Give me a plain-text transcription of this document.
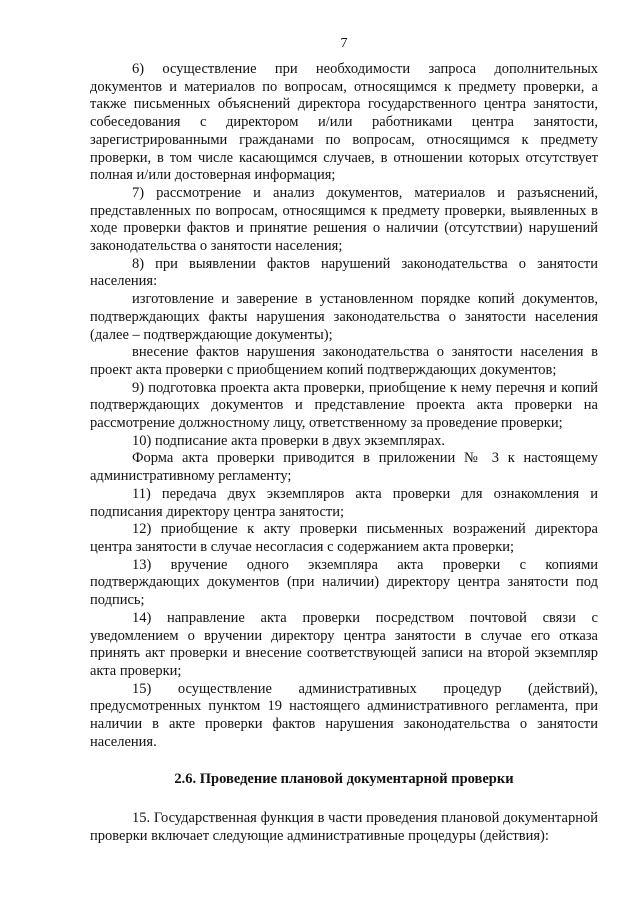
7

6) осуществление при необходимости запроса дополнительных документов и материалов по вопросам, относящимся к предмету проверки, а также письменных объяснений директора государственного центра занятости, собеседования с директором и/или работниками центра занятости, зарегистрированными гражданами по вопросам, относящимся к предмету проверки, в том числе касающимся случаев, в отношении которых отсутствует полная и/или достоверная информация;

7) рассмотрение и анализ документов, материалов и разъяснений, представленных по вопросам, относящимся к предмету проверки, выявленных в ходе проверки фактов и принятие решения о наличии (отсутствии) нарушений законодательства о занятости населения;

8) при выявлении фактов нарушений законодательства о занятости населения:

изготовление и заверение в установленном порядке копий документов, подтверждающих факты нарушения законодательства о занятости населения (далее – подтверждающие документы);

внесение фактов нарушения законодательства о занятости населения в проект акта проверки с приобщением копий подтверждающих документов;

9) подготовка проекта акта проверки, приобщение к нему перечня и копий подтверждающих документов и представление проекта акта проверки на рассмотрение должностному лицу, ответственному за проведение проверки;

10) подписание акта проверки в двух экземплярах.

Форма акта проверки приводится в приложении № 3 к настоящему административному регламенту;

11) передача двух экземпляров акта проверки для ознакомления и подписания директору центра занятости;

12) приобщение к акту проверки письменных возражений директора центра занятости в случае несогласия с содержанием акта проверки;

13) вручение одного экземпляра акта проверки с копиями подтверждающих документов (при наличии) директору центра занятости под подпись;

14) направление акта проверки посредством почтовой связи с уведомлением о вручении директору центра занятости в случае его отказа принять акт проверки и внесение соответствующей записи на второй экземпляр акта проверки;

15) осуществление административных процедур (действий), предусмотренных пунктом 19 настоящего административного регламента, при наличии в акте проверки фактов нарушения законодательства о занятости населения.

2.6. Проведение плановой документарной проверки

15. Государственная функция в части проведения плановой документарной проверки включает следующие административные процедуры (действия):
